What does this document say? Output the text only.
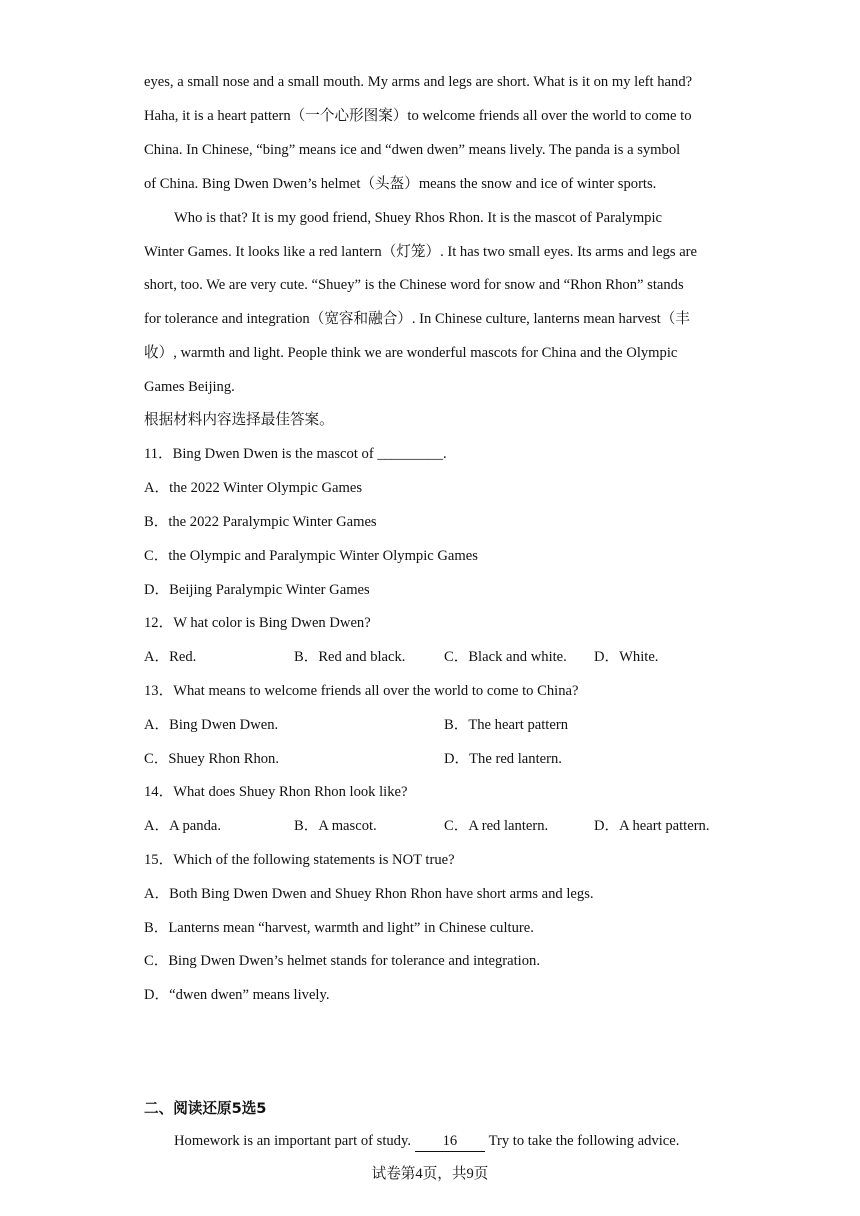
eyes, a small nose and a small mouth. My arms and legs are short. What is it on my left hand?
Haha, it is a heart pattern（一个心形图案）to welcome friends all over the world to come to
China. In Chinese, “bing” means ice and “dwen dwen” means lively. The panda is a symbol
of China. Bing Dwen Dwen’s helmet（头盔）means the snow and ice of winter sports.
Who is that? It is my good friend, Shuey Rhos Rhon. It is the mascot of Paralympic
Winter Games. It looks like a red lantern（灯笼）. It has two small eyes. Its arms and legs are
short, too. We are very cute. “Shuey” is the Chinese word for snow and “Rhon Rhon” stands
for tolerance and integration（宽容和融合）. In Chinese culture, lanterns mean harvest（丰
收）, warmth and light. People think we are wonderful mascots for China and the Olympic
Games Beijing.
根据材料内容选择最佳答案。
11．Bing Dwen Dwen is the mascot of _________.
A．the 2022 Winter Olympic Games
B．the 2022 Paralympic Winter Games
C．the Olympic and Paralympic Winter Olympic Games
D．Beijing Paralympic Winter Games
12．W hat color is Bing Dwen Dwen?
A．Red.	B．Red and black.	C．Black and white. D．White.
13．What means to welcome friends all over the world to come to China?
A．Bing Dwen Dwen.	B．The heart pattern
C．Shuey Rhon Rhon.	D．The red lantern.
14．What does Shuey Rhon Rhon look like?
A．A panda.	B．A mascot.	C．A red lantern.	D．A heart pattern.
15．Which of the following statements is NOT true?
A．Both Bing Dwen Dwen and Shuey Rhon Rhon have short arms and legs.
B．Lanterns mean “harvest, warmth and light” in Chinese culture.
C．Bing Dwen Dwen’s helmet stands for tolerance and integration.
D．“dwen dwen” means lively.
二、阅读还原5选5
Homework is an important part of study. 16 Try to take the following advice.
试卷第4页，共9页
